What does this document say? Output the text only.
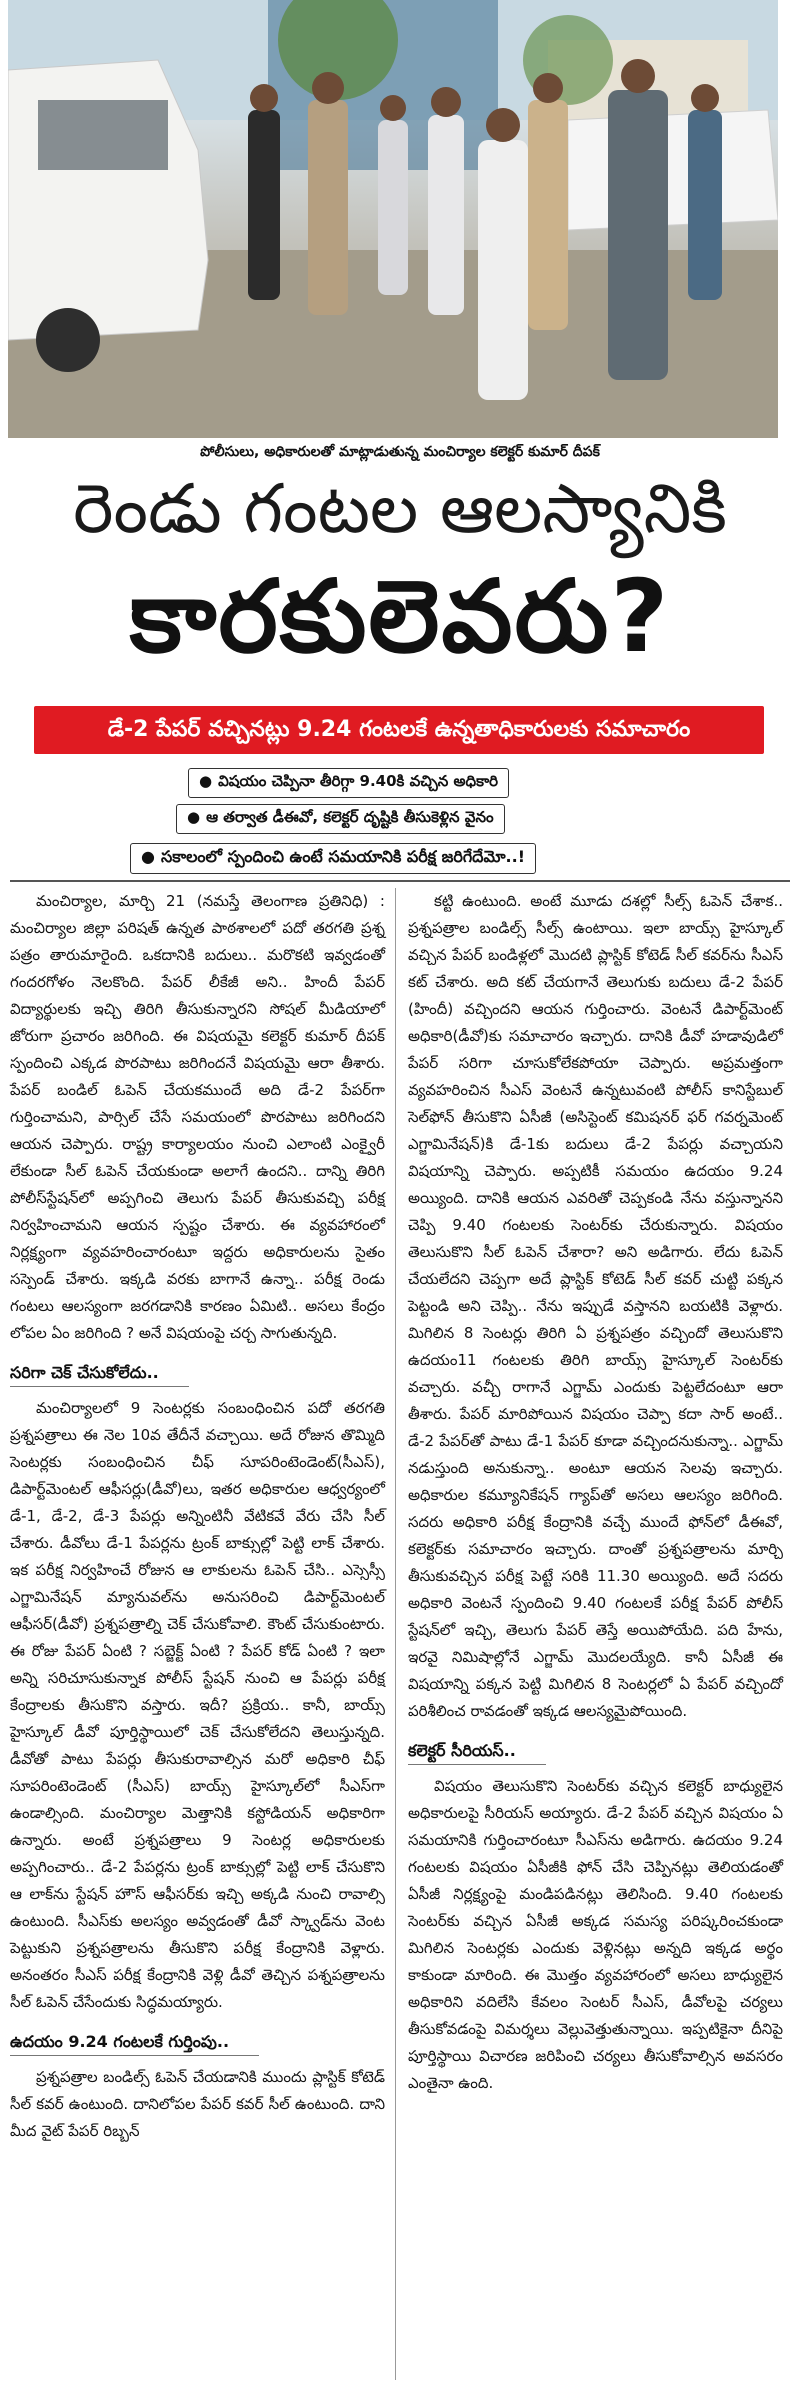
పోలీసులు, అధికారులతో మాట్లాడుతున్న మంచిర్యాల కలెక్టర్ కుమార్ దీపక్
రెండు గంటల ఆలస్యానికి
కారకులెవరు?
డే-2 పేపర్ వచ్చినట్లు 9.24 గంటలకే ఉన్నతాధికారులకు సమాచారం
● విషయం చెప్పినా తీరిగ్గా 9.40కి వచ్చిన అధికారి
● ఆ తర్వాత డీఈవో, కలెక్టర్ దృష్టికి తీసుకెళ్లిన వైనం
● సకాలంలో స్పందించి ఉంటే సమయానికి పరీక్ష జరిగేదేమో..!

మంచిర్యాల, మార్చి 21 (నమస్తే తెలంగాణ ప్రతినిధి) : మంచిర్యాల జిల్లా పరిషత్ ఉన్నత పాఠశాలలో పదో తరగతి ప్రశ్న పత్రం తారుమారైంది. ఒకదానికి బదులు.. మరొకటి ఇవ్వడంతో గందరగోళం నెలకొంది. పేపర్ లీకేజీ అని.. హిందీ పేపర్ విద్యార్థులకు ఇచ్చి తిరిగి తీసుకున్నారని సోషల్ మీడియాలో జోరుగా ప్రచారం జరిగింది. ఈ విషయమై కలెక్టర్ కుమార్ దీపక్ స్పందించి ఎక్కడ పొరపాటు జరిగిందనే విషయమై ఆరా తీశారు. పేపర్ బండిల్ ఓపెన్ చేయకముందే అది డే-2 పేపర్‌గా గుర్తించామని, పార్సిల్ చేసే సమయంలో పొరపాటు జరిగిందని ఆయన చెప్పారు. రాష్ట్ర కార్యాలయం నుంచి ఎలాంటి ఎంక్వైరీ లేకుండా సీల్ ఓపెన్ చేయకుండా అలాగే ఉందని.. దాన్ని తిరిగి పోలీస్‌స్టేషన్‌లో అప్పగించి తెలుగు పేపర్ తీసుకువచ్చి పరీక్ష నిర్వహించామని ఆయన స్పష్టం చేశారు. ఈ వ్యవహారంలో నిర్లక్ష్యంగా వ్యవహరించారంటూ ఇద్దరు అధికారులను సైతం సస్పెండ్ చేశారు. ఇక్కడి వరకు బాగానే ఉన్నా.. పరీక్ష రెండు గంటలు ఆలస్యంగా జరగడానికి కారణం ఏమిటి.. అసలు కేంద్రం లోపల ఏం జరిగింది ? అనే విషయంపై చర్చ సాగుతున్నది.

సరిగా చెక్ చేసుకోలేదు..

మంచిర్యాలలో 9 సెంటర్లకు సంబంధించిన పదో తరగతి ప్రశ్నపత్రాలు ఈ నెల 10వ తేదీనే వచ్చాయి. అదే రోజున తొమ్మిది సెంటర్లకు సంబంధించిన చీఫ్ సూపరింటెండెంట్(సీఎస్), డిపార్ట్‌మెంటల్ ఆఫీసర్లు(డీవో)లు, ఇతర అధికారుల ఆధ్వర్యంలో డే-1, డే-2, డే-3 పేపర్లు అన్నింటినీ వేటికవే వేరు చేసి సీల్ చేశారు. డీవోలు డే-1 పేపర్లను ట్రంక్ బాక్సుల్లో పెట్టి లాక్ చేశారు. ఇక పరీక్ష నిర్వహించే రోజున ఆ లాకులను ఓపెన్ చేసి.. ఎస్సెస్సీ ఎగ్జామినేషన్ మ్యానువల్‌ను అనుసరించి డిపార్ట్‌మెంటల్ ఆఫీసర్(డీవో) ప్రశ్నపత్రాల్ని చెక్ చేసుకోవాలి. కౌంట్ చేసుకుంటారు. ఈ రోజు పేపర్ ఏంటి ? సబ్జెక్ట్ ఏంటి ? పేపర్ కోడ్ ఏంటి ? ఇలా అన్ని సరిచూసుకున్నాక పోలీస్ స్టేషన్ నుంచి ఆ పేపర్లు పరీక్ష కేంద్రాలకు తీసుకొని వస్తారు. ఇదీ? ప్రక్రియ.. కానీ, బాయ్స్ హైస్కూల్ డీవో పూర్తిస్థాయిలో చెక్ చేసుకోలేదని తెలుస్తున్నది. డీవోతో పాటు పేపర్లు తీసుకురావాల్సిన మరో అధికారి చీఫ్ సూపరింటెండెంట్ (సీఎస్) బాయ్స్ హైస్కూల్‌లో సీఎస్‌గా ఉండాల్సింది. మంచిర్యాల మెత్తానికి కస్టోడియన్ అధికారిగా ఉన్నారు. అంటే ప్రశ్నపత్రాలు 9 సెంటర్ల అధికారులకు అప్పగించారు.. డే-2 పేపర్లను ట్రంక్ బాక్సుల్లో పెట్టి లాక్ చేసుకొని ఆ లాక్‌ను స్టేషన్ హౌస్ ఆఫీసర్‌కు ఇచ్చి అక్కడి నుంచి రావాల్సి ఉంటుంది. సీఎస్‌కు అలస్యం అవ్వడంతో డీవో స్క్వాడ్‌ను వెంట పెట్టుకుని ప్రశ్నపత్రాలను తీసుకొని పరీక్ష కేంద్రానికి వెళ్లారు. అనంతరం సీఎస్ పరీక్ష కేంద్రానికి వెళ్లి డీవో తెచ్చిన పశ్నపత్రాలను సీల్ ఓపెన్ చేసేందుకు సిద్ధమయ్యారు.

ఉదయం 9.24 గంటలకే గుర్తింపు..

ప్రశ్నపత్రాల బండిల్స్ ఓపెన్ చేయడానికి ముందు ప్లాస్టిక్ కోటెడ్ సీల్ కవర్ ఉంటుంది. దానిలోపల పేపర్ కవర్ సీల్ ఉంటుంది. దాని మీద వైట్ పేపర్ రిబ్బన్

కట్టి ఉంటుంది. అంటే మూడు దశల్లో సీల్స్ ఓపెన్ చేశాక.. ప్రశ్నపత్రాల బండిల్స్ సీల్స్ ఉంటాయి. ఇలా బాయ్స్ హైస్కూల్ వచ్చిన పేపర్ బండిళ్లలో మొదటి ప్లాస్టిక్ కోటెడ్ సీల్ కవర్‌ను సీఎస్ కట్ చేశారు. అది కట్ చేయగానే తెలుగుకు బదులు డే-2 పేపర్ (హిందీ) వచ్చిందని ఆయన గుర్తించారు. వెంటనే డిపార్ట్‌మెంట్ అధికారి(డీవో)కు సమాచారం ఇచ్చారు. దానికి డీవో హడావుడిలో పేపర్ సరిగా చూసుకోలేకపోయా చెప్పారు. అప్రమత్తంగా వ్యవహరించిన సీఎస్ వెంటనే ఉన్నటువంటి పోలీస్ కానిస్టేబుల్ సెల్‌ఫోన్ తీసుకొని ఏసీజీ (అసిస్టెంట్ కమిషనర్ ఫర్ గవర్నమెంట్ ఎగ్జామినేషన్)కి డే-1కు బదులు డే-2 పేపర్లు వచ్చాయని విషయాన్ని చెప్పారు. అప్పటికీ సమయం ఉదయం 9.24 అయ్యింది. దానికి ఆయన ఎవరితో చెప్పకండి నేను వస్తున్నానని చెప్పి 9.40 గంటలకు సెంటర్‌కు చేరుకున్నారు. విషయం తెలుసుకొని సీల్ ఓపెన్ చేశారా? అని అడిగారు. లేదు ఓపెన్ చేయలేదని చెప్పగా అదే ప్లాస్టిక్ కోటెడ్ సీల్ కవర్ చుట్టి పక్కన పెట్టండి అని చెప్పి.. నేను ఇప్పుడే వస్తానని బయటికి వెళ్లారు. మిగిలిన 8 సెంటర్లు తిరిగి ఏ ప్రశ్నపత్రం వచ్చిందో తెలుసుకొని ఉదయం11 గంటలకు తిరిగి బాయ్స్ హైస్కూల్ సెంటర్‌కు వచ్చారు. వచ్చీ రాగానే ఎగ్జామ్ ఎందుకు పెట్టలేదంటూ ఆరా తీశారు. పేపర్ మారిపోయిన విషయం చెప్పా కదా సార్ అంటే.. డే-2 పేపర్‌తో పాటు డే-1 పేపర్ కూడా వచ్చిందనుకున్నా.. ఎగ్జామ్ నడుస్తుంది అనుకున్నా.. అంటూ ఆయన సెలవు ఇచ్చారు. అధికారుల కమ్యూనికేషన్ గ్యాప్‌తో అసలు ఆలస్యం జరిగింది. సదరు అధికారి పరీక్ష కేంద్రానికి వచ్చే ముందే ఫోన్‌లో డీఈవో, కలెక్టర్‌కు సమాచారం ఇచ్చారు. దాంతో ప్రశ్నపత్రాలను మార్చి తీసుకువచ్చిన పరీక్ష పెట్టే సరికి 11.30 అయ్యింది. అదే సదరు అధికారి వెంటనే స్పందించి 9.40 గంటలకే పరీక్ష పేపర్ పోలీస్ స్టేషన్‌లో ఇచ్చి, తెలుగు పేపర్ తెస్తే అయిపోయేది. పది హేను, ఇరవై నిమిషాల్లోనే ఎగ్జామ్ మొదలయ్యేది. కానీ ఏసీజీ ఈ విషయాన్ని పక్కన పెట్టి మిగిలిన 8 సెంటర్లలో ఏ పేపర్ వచ్చిందో పరిశీలించ రావడంతో ఇక్కడ ఆలస్యమైపోయింది.

కలెక్టర్ సీరియస్..

విషయం తెలుసుకొని సెంటర్‌కు వచ్చిన కలెక్టర్ బాధ్యులైన అధికారులపై సీరియస్ అయ్యారు. డే-2 పేపర్ వచ్చిన విషయం ఏ సమయానికి గుర్తించారంటూ సీఎస్‌ను అడిగారు. ఉదయం 9.24 గంటలకు విషయం ఏసీజీకి ఫోన్ చేసి చెప్పినట్లు తెలియడంతో ఏసీజీ నిర్లక్ష్యంపై మండిపడినట్లు తెలిసింది. 9.40 గంటలకు సెంటర్‌కు వచ్చిన ఏసీజీ అక్కడ సమస్య పరిష్కరించకుండా మిగిలిన సెంటర్లకు ఎందుకు వెళ్లినట్లు అన్నది ఇక్కడ అర్థం కాకుండా మారింది. ఈ మొత్తం వ్యవహారంలో అసలు బాధ్యులైన అధికారిని వదిలేసి కేవలం సెంటర్ సీఎస్, డీవోలపై చర్యలు తీసుకోవడంపై విమర్శలు వెల్లువెత్తుతున్నాయి. ఇప్పటికైనా దీనిపై పూర్తిస్థాయి విచారణ జరిపించి చర్యలు తీసుకోవాల్సిన అవసరం ఎంతైనా ఉంది.
